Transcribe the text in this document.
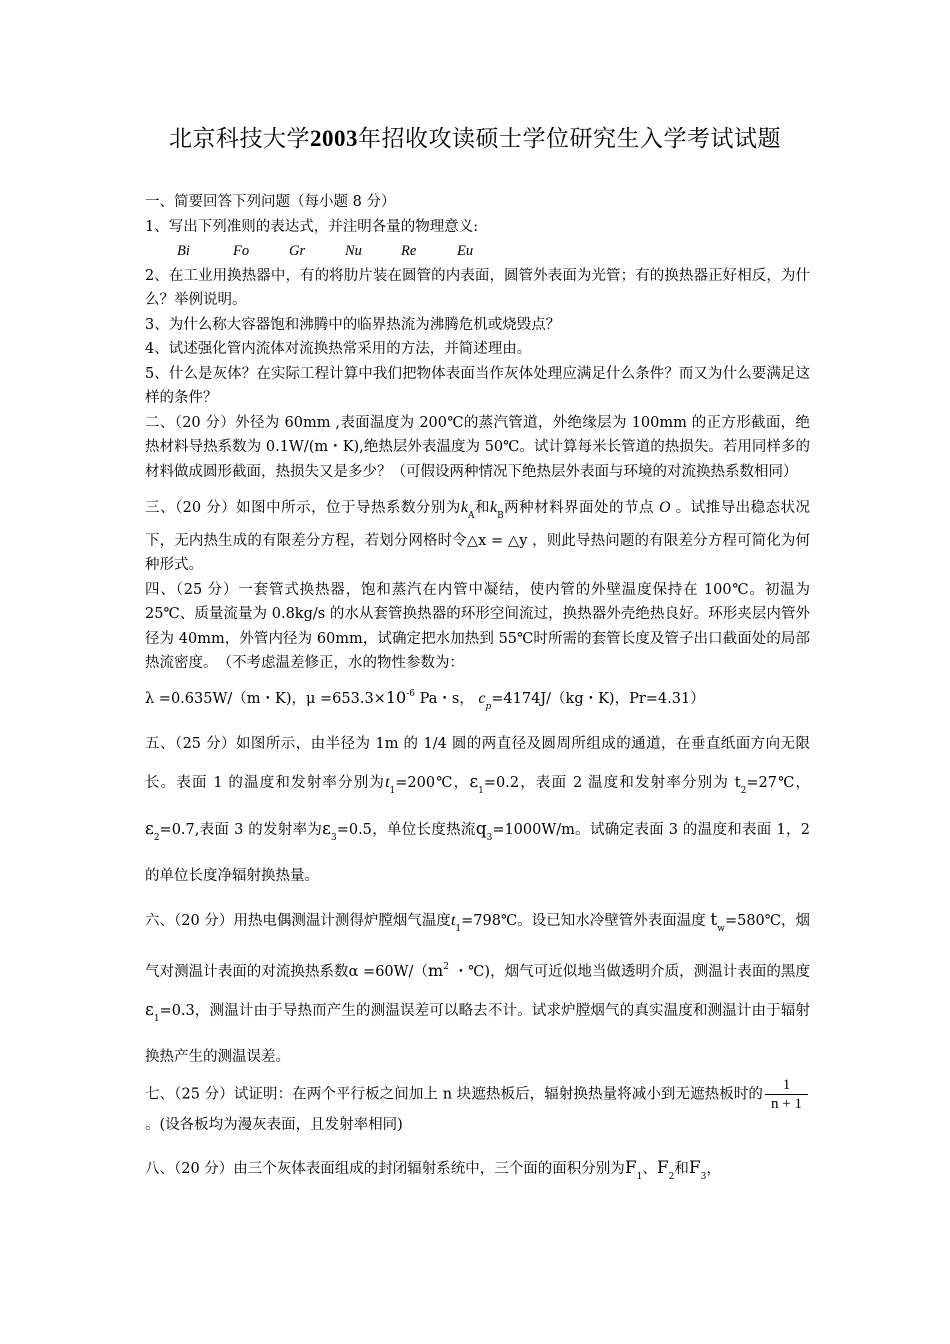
北京科技大学2003年招收攻读硕士学位研究生入学考试试题

一、简要回答下列问题（每小题 8 分）

1、写出下列准则的表达式，并注明各量的物理意义:

Bi	Fo	Gr	Nu	Re	Eu

2、在工业用换热器中，有的将肋片装在圆管的内表面，圆管外表面为光管；有的换热器正好相反，为什么？举例说明。

3、为什么称大容器饱和沸腾中的临界热流为沸腾危机或烧毁点？

4、试述强化管内流体对流换热常采用的方法，并简述理由。

5、什么是灰体？在实际工程计算中我们把物体表面当作灰体处理应满足什么条件？而又为什么要满足这样的条件？

二、（20 分）外径为 60mm ,表面温度为 200℃的蒸汽管道，外绝缘层为 100mm 的正方形截面，绝热材料导热系数为 0.1W/(m・K),绝热层外表温度为 50℃。试计算每米长管道的热损失。若用同样多的材料做成圆形截面，热损失又是多少？（可假设两种情况下绝热层外表面与环境的对流换热系数相同）

三、（20 分）如图中所示，位于导热系数分别为$k_A$和$k_B$两种材料界面处的节点 O 。试推导出稳态状况下，无内热生成的有限差分方程，若划分网格时令△x = △y ，则此导热问题的有限差分方程可简化为何种形式。

四、（25 分）一套管式换热器，饱和蒸汽在内管中凝结，使内管的外壁温度保持在 100℃。初温为 25℃、质量流量为 0.8kg/s 的水从套管换热器的环形空间流过，换热器外壳绝热良好。环形夹层内管外径为 40mm，外管内径为 60mm，试确定把水加热到 55℃时所需的套管长度及管子出口截面处的局部热流密度。　（不考虑温差修正，水的物性参数为：

λ =0.635W/（m・K)，$\mu =653.3\times 10^{-6}$ Pa・s， $c_p=4174J/(kg$・K)，Pr=4.31）

五、（25 分）如图所示，由半径为 1m 的 1/4 圆的两直径及圆周所组成的通道，在垂直纸面方向无限长。表面 1 的温度和发射率分别为$t_1=200℃$，$\varepsilon_1=0.2$，表面 2 温度和发射率分别为 $t_2=27℃$，$\varepsilon_2=0.7$,表面 3 的发射率为$\varepsilon_3=0.5$，单位长度热流$q_3=1000W/m$。试确定表面 3 的温度和表面 1，2 的单位长度净辐射换热量。

六、（20 分）用热电偶测温计测得炉膛烟气温度$t_1=798℃$。设已知水冷壁管外表面温度 $t_w=580℃$，烟气对测温计表面的对流换热系数$\alpha =60W/(m^2$ ・℃)，烟气可近似地当做透明介质，测温计表面的黑度$\varepsilon_1=0.3$，测温计由于导热而产生的测温误差可以略去不计。试求炉膛烟气的真实温度和测温计由于辐射换热产生的测温误差。

七、（25 分）试证明：在两个平行板之间加上 n 块遮热板后，辐射换热量将减小到无遮热板时的 $\frac{1}{n + 1}$
。(设各板均为漫灰表面，且发射率相同)

八、（20 分）由三个灰体表面组成的封闭辐射系统中，三个面的面积分别为$F_1$、$F_2$和$F_3$，
